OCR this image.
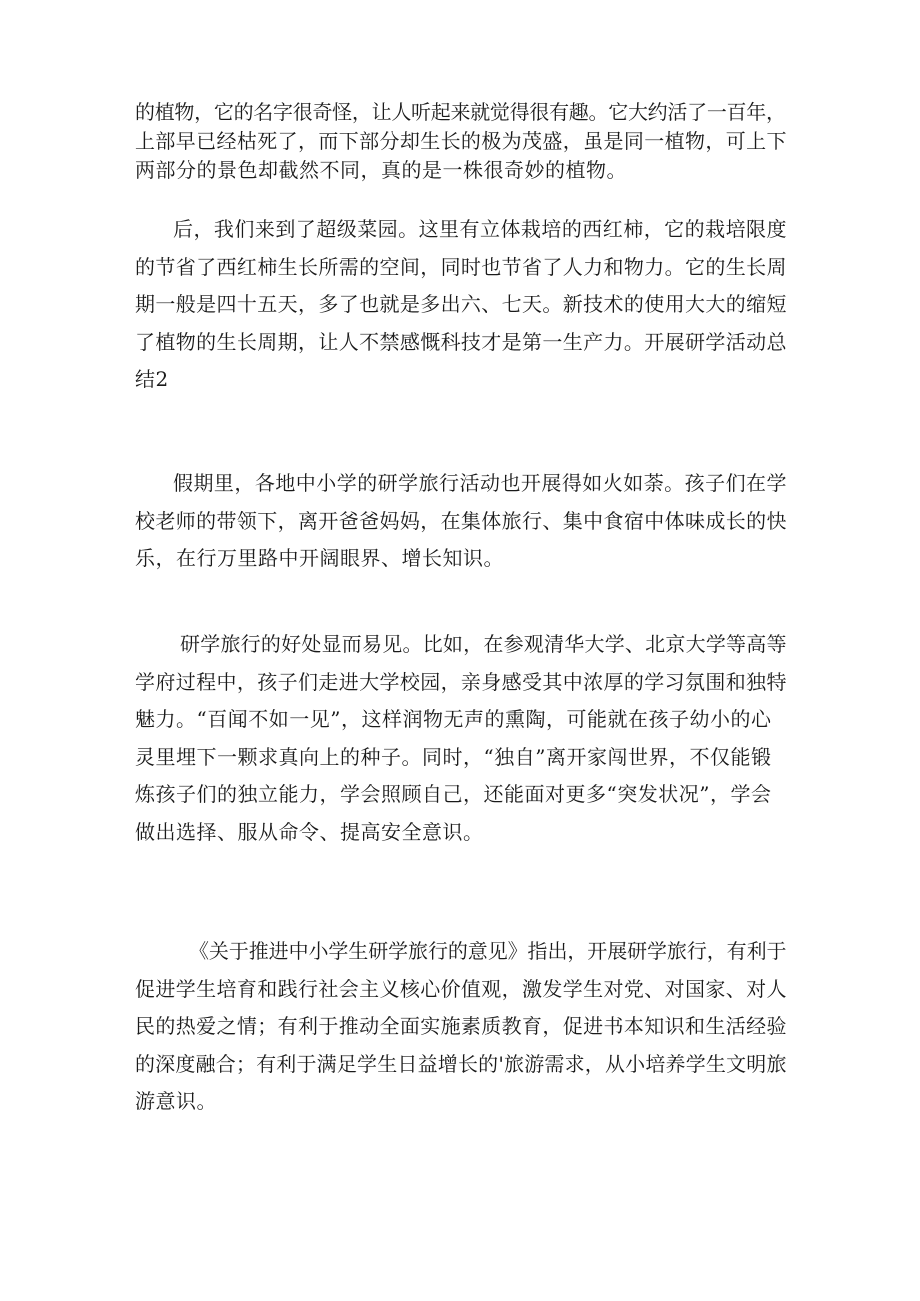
的植物，它的名字很奇怪，让人听起来就觉得很有趣。它大约活了一百年，
上部早已经枯死了，而下部分却生长的极为茂盛，虽是同一植物，可上下
两部分的景色却截然不同，真的是一株很奇妙的植物。

后，我们来到了超级菜园。这里有立体栽培的西红柿，它的栽培限度
的节省了西红柿生长所需的空间，同时也节省了人力和物力。它的生长周
期一般是四十五天，多了也就是多出六、七天。新技术的使用大大的缩短
了植物的生长周期，让人不禁感慨科技才是第一生产力。开展研学活动总
结2

假期里，各地中小学的研学旅行活动也开展得如火如荼。孩子们在学
校老师的带领下，离开爸爸妈妈，在集体旅行、集中食宿中体味成长的快
乐，在行万里路中开阔眼界、增长知识。

研学旅行的好处显而易见。比如，在参观清华大学、北京大学等高等
学府过程中，孩子们走进大学校园，亲身感受其中浓厚的学习氛围和独特
魅力。“百闻不如一见”，这样润物无声的熏陶，可能就在孩子幼小的心
灵里埋下一颗求真向上的种子。同时，“独自”离开家闯世界，不仅能锻
炼孩子们的独立能力，学会照顾自己，还能面对更多“突发状况”，学会
做出选择、服从命令、提高安全意识。

《关于推进中小学生研学旅行的意见》指出，开展研学旅行，有利于
促进学生培育和践行社会主义核心价值观，激发学生对党、对国家、对人
民的热爱之情；有利于推动全面实施素质教育，促进书本知识和生活经验
的深度融合；有利于满足学生日益增长的'旅游需求，从小培养学生文明旅
游意识。
